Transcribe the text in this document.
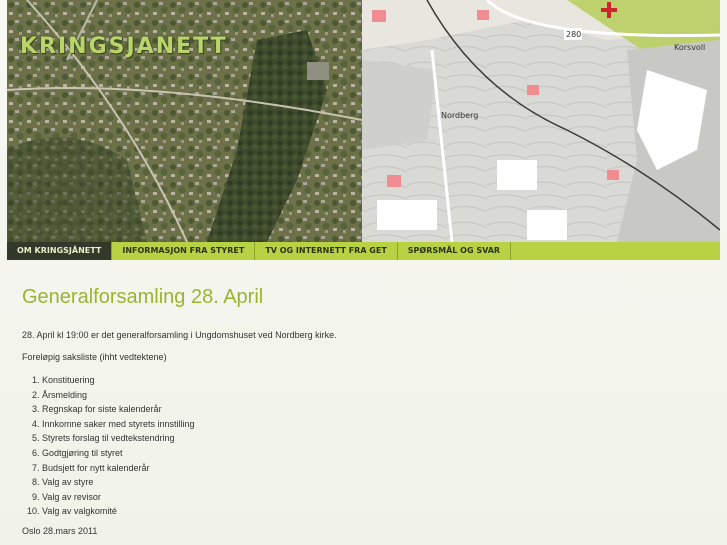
280
Nordberg
Korsvoll
KRINGSJANETT
OM KRINGSJÅNETT	INFORMASJON FRA STYRET	TV OG INTERNETT FRA GET	SPØRSMÅL OG SVAR
Generalforsamling 28. April

28. April kl 19:00 er det generalforsamling i Ungdomshuset ved Nordberg kirke.

Foreløpig saksliste (ihht vedtektene)

1. Konstituering
2. Årsmelding
3. Regnskap for siste kalenderår
4. Innkomne saker med styrets innstilling
5. Styrets forslag til vedtekstendring
6. Godtgjøring til styret
7. Budsjett for nytt kalenderår
8. Valg av styre
9. Valg av revisor
10. Valg av valgkomité

Oslo 28.mars 2011
